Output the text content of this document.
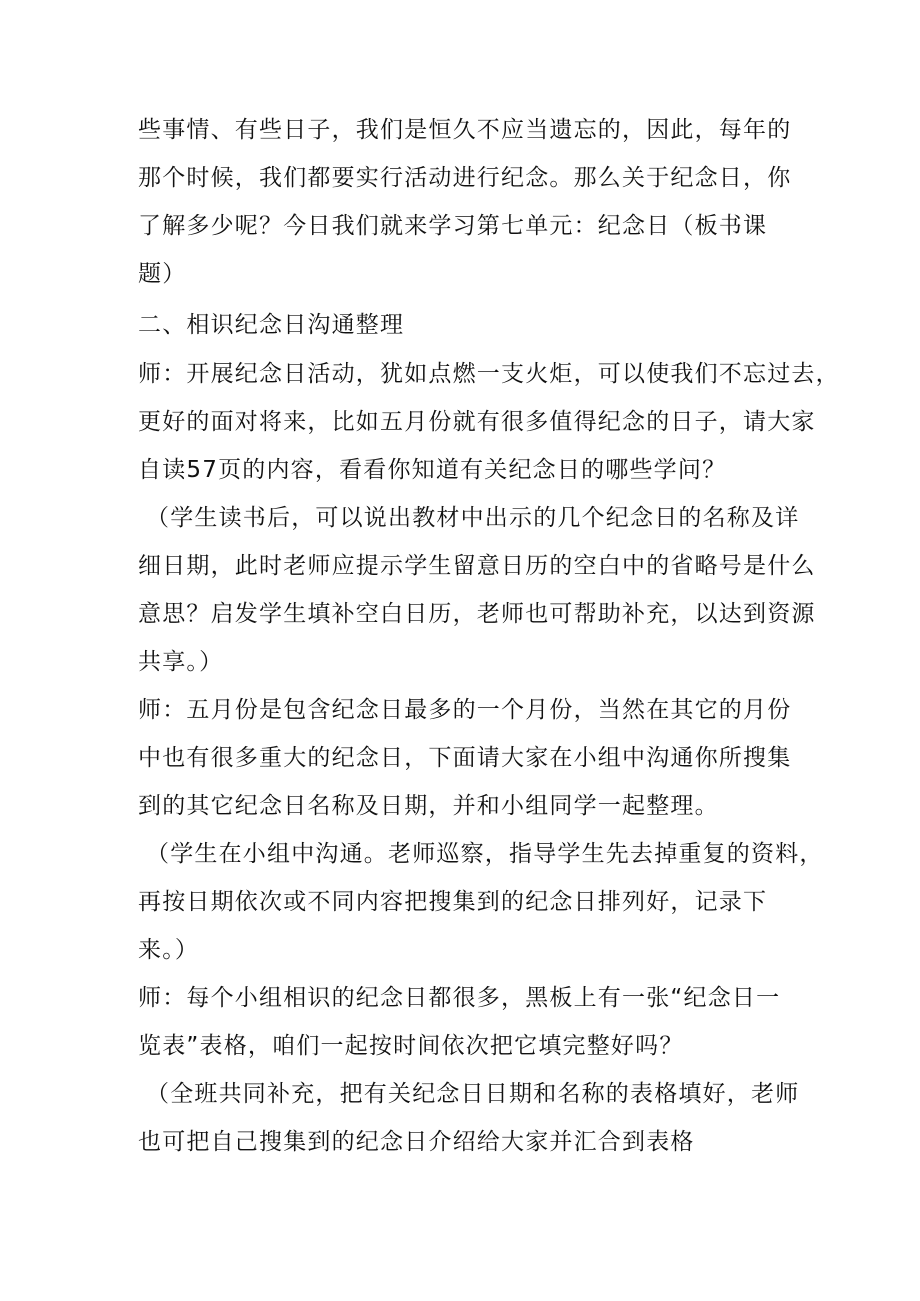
些事情、有些日子，我们是恒久不应当遗忘的，因此，每年的
那个时候，我们都要实行活动进行纪念。那么关于纪念日，你
了解多少呢？今日我们就来学习第七单元：纪念日（板书课
题）
二、相识纪念日沟通整理
师：开展纪念日活动，犹如点燃一支火炬，可以使我们不忘过去，
更好的面对将来，比如五月份就有很多值得纪念的日子，请大家
自读57页的内容，看看你知道有关纪念日的哪些学问？
（学生读书后，可以说出教材中出示的几个纪念日的名称及详
细日期，此时老师应提示学生留意日历的空白中的省略号是什么
意思？启发学生填补空白日历，老师也可帮助补充，以达到资源
共享。）
师：五月份是包含纪念日最多的一个月份，当然在其它的月份
中也有很多重大的纪念日，下面请大家在小组中沟通你所搜集
到的其它纪念日名称及日期，并和小组同学一起整理。
（学生在小组中沟通。老师巡察，指导学生先去掉重复的资料，
再按日期依次或不同内容把搜集到的纪念日排列好，记录下
来。）
师：每个小组相识的纪念日都很多，黑板上有一张“纪念日一
览表”表格，咱们一起按时间依次把它填完整好吗？
（全班共同补充，把有关纪念日日期和名称的表格填好，老师
也可把自己搜集到的纪念日介绍给大家并汇合到表格
